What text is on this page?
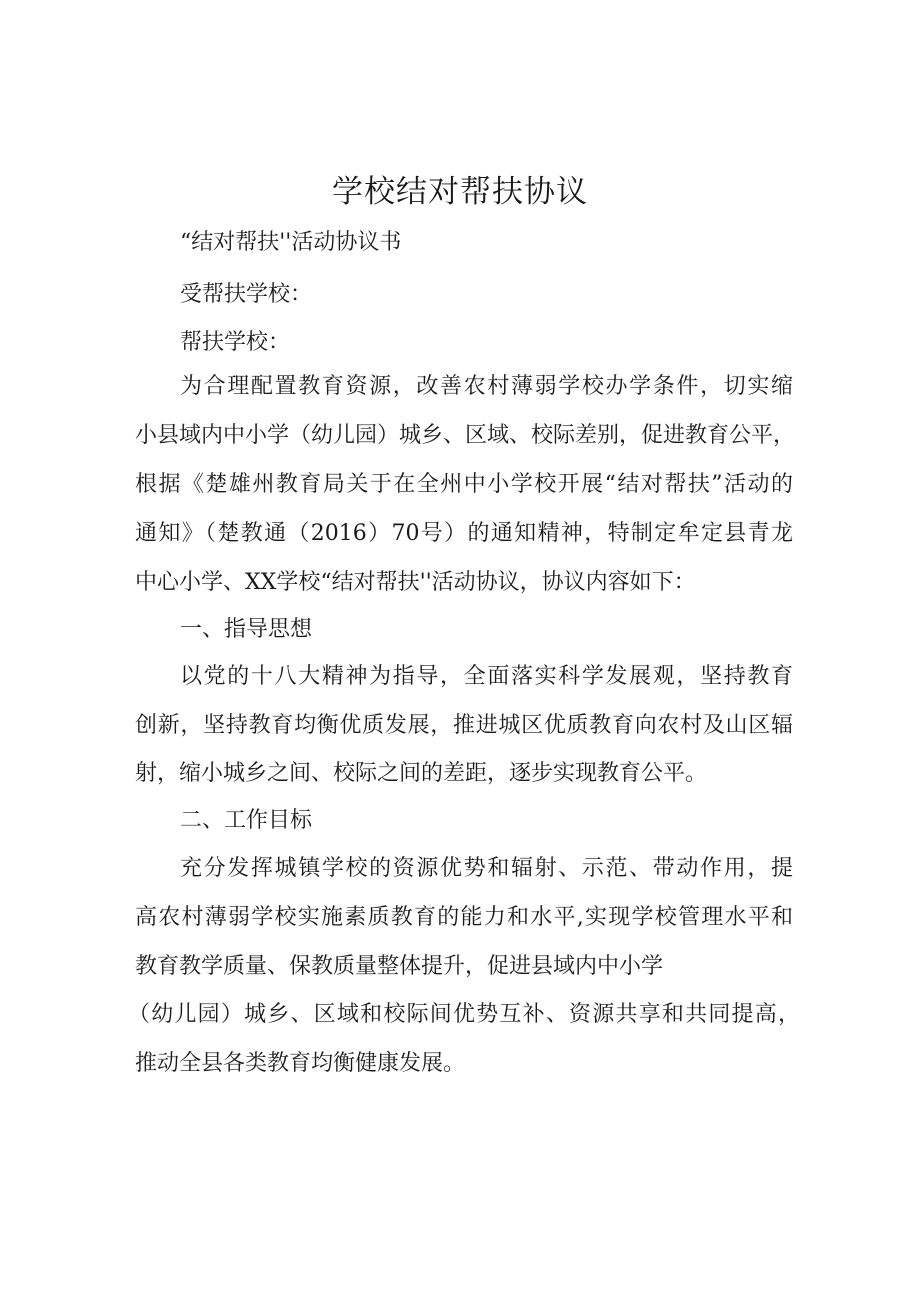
学校结对帮扶协议
“结对帮扶''活动协议书
受帮扶学校：
帮扶学校：
为合理配置教育资源，改善农村薄弱学校办学条件，切实缩
小县域内中小学（幼儿园）城乡、区域、校际差别，促进教育公平，
根据《楚雄州教育局关于在全州中小学校开展“结对帮扶”活动的
通知》（楚教通（2016）70号）的通知精神，特制定牟定县青龙
中心小学、XX学校“结对帮扶''活动协议，协议内容如下：
一、指导思想
以党的十八大精神为指导，全面落实科学发展观，坚持教育
创新，坚持教育均衡优质发展，推进城区优质教育向农村及山区辐
射，缩小城乡之间、校际之间的差距，逐步实现教育公平。
二、工作目标
充分发挥城镇学校的资源优势和辐射、示范、带动作用，提
高农村薄弱学校实施素质教育的能力和水平,实现学校管理水平和
教育教学质量、保教质量整体提升，促进县域内中小学
（幼儿园）城乡、区域和校际间优势互补、资源共享和共同提高，
推动全县各类教育均衡健康发展。
